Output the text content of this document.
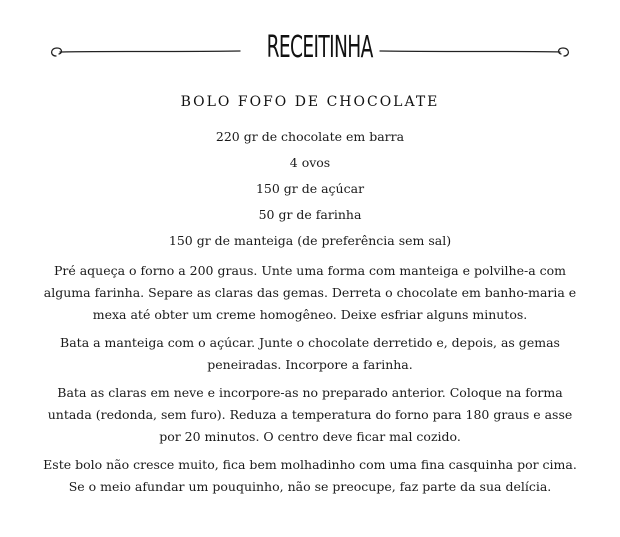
RECEITINHA
BOLO FOFO DE CHOCOLATE
220 gr de chocolate em barra
4 ovos
150 gr de açúcar
50 gr de farinha
150 gr de manteiga (de preferência sem sal)

Pré aqueça o forno a 200 graus. Unte uma forma com manteiga e polvilhe-a com alguma farinha. Separe as claras das gemas. Derreta o chocolate em banho-maria e mexa até obter um creme homogêneo. Deixe esfriar alguns minutos.

Bata a manteiga com o açúcar. Junte o chocolate derretido e, depois, as gemas peneiradas. Incorpore a farinha.

Bata as claras em neve e incorpore-as no preparado anterior. Coloque na forma untada (redonda, sem furo). Reduza a temperatura do forno para 180 graus e asse por 20 minutos. O centro deve ficar mal cozido.

Este bolo não cresce muito, fica bem molhadinho com uma fina casquinha por cima. Se o meio afundar um pouquinho, não se preocupe, faz parte da sua delícia.
